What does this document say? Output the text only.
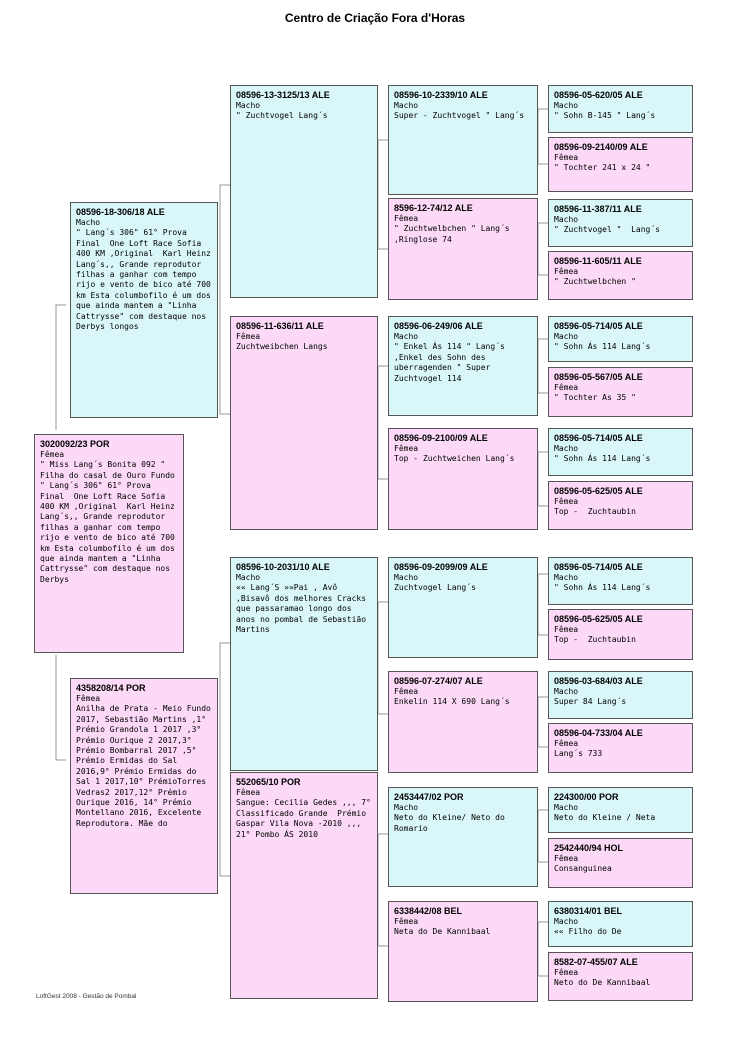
Centro de Criação Fora d'Horas
3020092/23 POR
Fêmea
" Miss Lang´s Bonita 092 " Filha do casal de Ouro Fundo " Lang´s 306" 61° Prova Final  One Loft Race Sofia 400 KM ,Original  Karl Heinz Lang´s,, Grande reprodutor  filhas a ganhar com tempo rijo e vento de bico até 700 km Esta columbofilo é um dos que ainda mantem a "Linha Cattrysse" com destaque nos Derbys
08596-18-306/18 ALE
Macho
" Lang´s 306" 61° Prova Final  One Loft Race Sofia 400 KM ,Original  Karl Heinz Lang´s,, Grande reprodutor  filhas a ganhar com tempo rijo e vento de bico até 700 km Esta columbofilo é um dos que ainda mantem a "Linha Cattrysse" com destaque nos Derbys longos
4358208/14 POR
Fêmea
Anilha de Prata - Meio Fundo 2017, Sebastião Martins ,1° Prémio Grandola 1 2017 ,3° Prémio Ourique 2 2017,3° Prémio Bombarral 2017 ,5° Prémio Ermidas do Sal 2016,9° Prémio Ermidas do Sal 1 2017,10° PrémioTorres Vedras2 2017,12° Prémio Ourique 2016, 14° Prémio Montellano 2016, Excelente Reprodutora. Mãe do
08596-13-3125/13 ALE
Macho
" Zuchtvogel Lang´s
08596-11-636/11 ALE
Fêmea
Zuchtweibchen Langs
08596-10-2031/10 ALE
Macho
«« Lang´S »»Pai , Avô ,Bisavô dos melhores Cracks que passaramao longo dos anos no pombal de Sebastião Martins
552065/10 POR
Fêmea
Sangue: Cecilia Gedes ,,, 7° Classificado Grande  Prémio Gaspar Vila Nova -2010 ,,, 21° Pombo ÁS 2010
08596-10-2339/10 ALE
Macho
Super - Zuchtvogel " Lang´s
8596-12-74/12 ALE
Fêmea
" Zuchtwelbchen " Lang´s ,Ringlose 74
08596-06-249/06 ALE
Macho
" Enkel Ás 114 " Lang´s ,Enkel des Sohn des uberragenden " Super Zuchtvogel 114
08596-09-2100/09 ALE
Fêmea
Top - Zuchtweichen Lang´s
08596-09-2099/09 ALE
Macho
Zuchtvogel Lang´s
08596-07-274/07 ALE
Fêmea
Enkelin 114 X 690 Lang´s
2453447/02 POR
Macho
Neto do Kleine/ Neto do Romario
6338442/08 BEL
Fêmea
Neta do De Kannibaal
08596-05-620/05 ALE
Macho
" Sohn B-145 " Lang´s
08596-09-2140/09 ALE
Fêmea
" Tochter 241 x 24 "
08596-11-387/11 ALE
Macho
" Zuchtvogel "  Lang´s
08596-11-605/11 ALE
Fêmea
" Zuchtwelbchen "
08596-05-714/05 ALE
Macho
" Sohn Ás 114 Lang´s
08596-05-567/05 ALE
Fêmea
" Tochter As 35 "
08596-05-714/05 ALE
Macho
" Sohn Ás 114 Lang´s
08596-05-625/05 ALE
Fêmea
Top -  Zuchtaubin
08596-05-714/05 ALE
Macho
" Sohn Ás 114 Lang´s
08596-05-625/05 ALE
Fêmea
Top -  Zuchtaubin
08596-03-684/03 ALE
Macho
Super 84 Lang´s
08596-04-733/04 ALE
Fêmea
Lang´s 733
224300/00 POR
Macho
Neto do Kleine / Neta
2542440/94 HOL
Fêmea
Consanguinea
6380314/01 BEL
Macho
«« Filho do De
8582-07-455/07 ALE
Fêmea
Neto do De Kannibaal
LoftGest 2008 - Gestão de Pombal
